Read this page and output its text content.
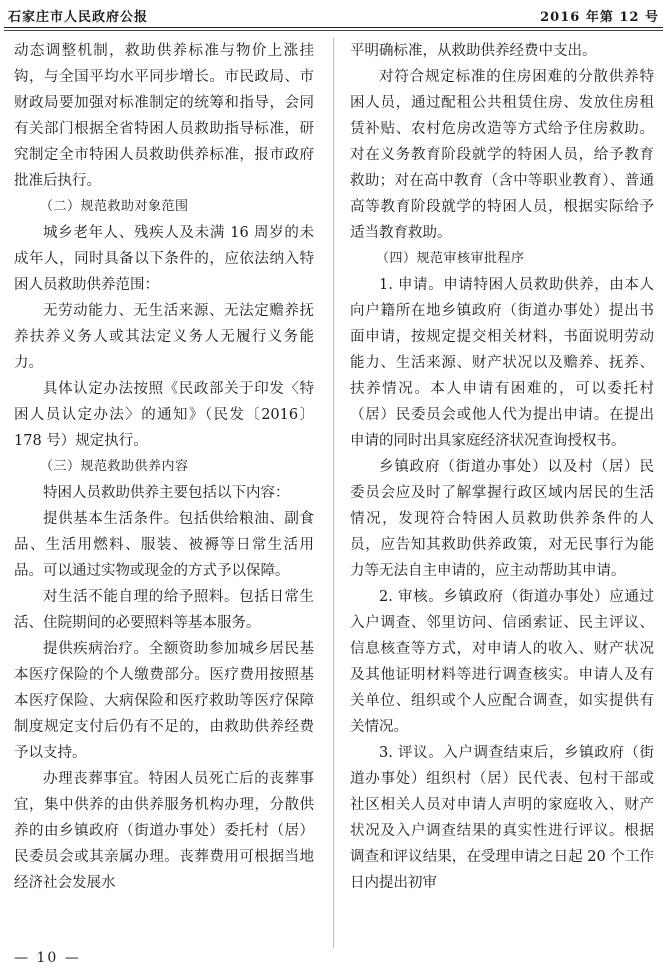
石家庄市人民政府公报	2016 年第 12 号

动态调整机制，救助供养标准与物价上涨挂钩，与全国平均水平同步增长。市民政局、市财政局要加强对标准制定的统筹和指导，会同有关部门根据全省特困人员救助指导标准，研究制定全市特困人员救助供养标准，报市政府批准后执行。

（二）规范救助对象范围

城乡老年人、残疾人及未满 16 周岁的未成年人，同时具备以下条件的，应依法纳入特困人员救助供养范围：

无劳动能力、无生活来源、无法定赡养抚养扶养义务人或其法定义务人无履行义务能力。

具体认定办法按照《民政部关于印发〈特困人员认定办法〉的通知》（民发〔2016〕178 号）规定执行。

（三）规范救助供养内容

特困人员救助供养主要包括以下内容：

提供基本生活条件。包括供给粮油、副食品、生活用燃料、服装、被褥等日常生活用品。可以通过实物或现金的方式予以保障。

对生活不能自理的给予照料。包括日常生活、住院期间的必要照料等基本服务。

提供疾病治疗。全额资助参加城乡居民基本医疗保险的个人缴费部分。医疗费用按照基本医疗保险、大病保险和医疗救助等医疗保障制度规定支付后仍有不足的，由救助供养经费予以支持。

办理丧葬事宜。特困人员死亡后的丧葬事宜，集中供养的由供养服务机构办理，分散供养的由乡镇政府（街道办事处）委托村（居）民委员会或其亲属办理。丧葬费用可根据当地经济社会发展水

平明确标准，从救助供养经费中支出。

对符合规定标准的住房困难的分散供养特困人员，通过配租公共租赁住房、发放住房租赁补贴、农村危房改造等方式给予住房救助。对在义务教育阶段就学的特困人员，给予教育救助；对在高中教育（含中等职业教育）、普通高等教育阶段就学的特困人员，根据实际给予适当教育救助。

（四）规范审核审批程序

1. 申请。申请特困人员救助供养，由本人向户籍所在地乡镇政府（街道办事处）提出书面申请，按规定提交相关材料，书面说明劳动能力、生活来源、财产状况以及赡养、抚养、扶养情况。本人申请有困难的，可以委托村（居）民委员会或他人代为提出申请。在提出申请的同时出具家庭经济状况查询授权书。

乡镇政府（街道办事处）以及村（居）民委员会应及时了解掌握行政区域内居民的生活情况，发现符合特困人员救助供养条件的人员，应告知其救助供养政策，对无民事行为能力等无法自主申请的，应主动帮助其申请。

2. 审核。乡镇政府（街道办事处）应通过入户调查、邻里访问、信函索证、民主评议、信息核查等方式，对申请人的收入、财产状况及其他证明材料等进行调查核实。申请人及有关单位、组织或个人应配合调查，如实提供有关情况。

3. 评议。入户调查结束后，乡镇政府（街道办事处）组织村（居）民代表、包村干部或社区相关人员对申请人声明的家庭收入、财产状况及入户调查结果的真实性进行评议。根据调查和评议结果，在受理申请之日起 20 个工作日内提出初审

— 10 —
